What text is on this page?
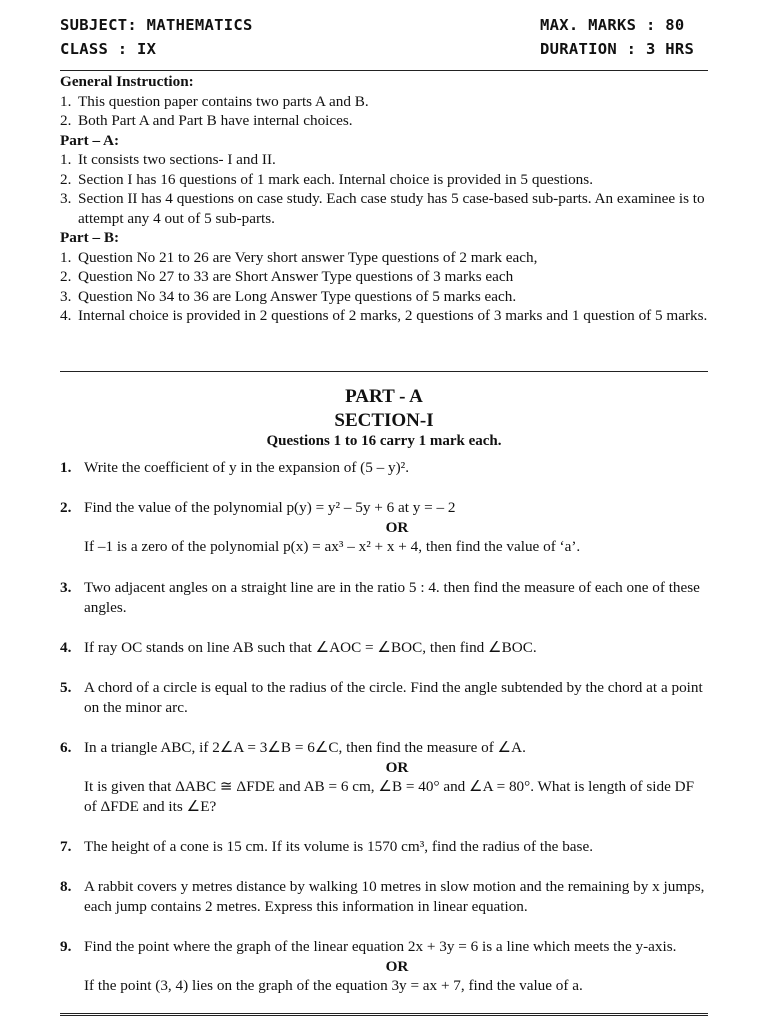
SUBJECT: MATHEMATICS
CLASS : IX
MAX. MARKS : 80
DURATION : 3 HRS
General Instruction:
1. This question paper contains two parts A and B.
2. Both Part A and Part B have internal choices.
Part – A:
1. It consists two sections- I and II.
2. Section I has 16 questions of 1 mark each. Internal choice is provided in 5 questions.
3. Section II has 4 questions on case study. Each case study has 5 case-based sub-parts. An examinee is to attempt any 4 out of 5 sub-parts.
Part – B:
1. Question No 21 to 26 are Very short answer Type questions of 2 mark each,
2. Question No 27 to 33 are Short Answer Type questions of 3 marks each
3. Question No 34 to 36 are Long Answer Type questions of 5 marks each.
4. Internal choice is provided in 2 questions of 2 marks, 2 questions of 3 marks and 1 question of 5 marks.
PART - A
SECTION-I
Questions 1 to 16 carry 1 mark each.
1. Write the coefficient of y in the expansion of (5 – y)².
2. Find the value of the polynomial p(y) = y² – 5y + 6 at y = – 2
OR
If –1 is a zero of the polynomial p(x) = ax³ – x² + x + 4, then find the value of ‘a’.
3. Two adjacent angles on a straight line are in the ratio 5 : 4. then find the measure of each one of these angles.
4. If ray OC stands on line AB such that ∠AOC = ∠BOC, then find ∠BOC.
5. A chord of a circle is equal to the radius of the circle. Find the angle subtended by the chord at a point on the minor arc.
6. In a triangle ABC, if 2∠A = 3∠B = 6∠C, then find the measure of ∠A.
OR
It is given that ΔABC ≅ ΔFDE and AB = 6 cm, ∠B = 40° and ∠A = 80°. What is length of side DF of ΔFDE and its ∠E?
7. The height of a cone is 15 cm. If its volume is 1570 cm³, find the radius of the base.
8. A rabbit covers y metres distance by walking 10 metres in slow motion and the remaining by x jumps, each jump contains 2 metres. Express this information in linear equation.
9. Find the point where the graph of the linear equation 2x + 3y = 6 is a line which meets the y-axis.
OR
If the point (3, 4) lies on the graph of the equation 3y = ax + 7, find the value of a.
